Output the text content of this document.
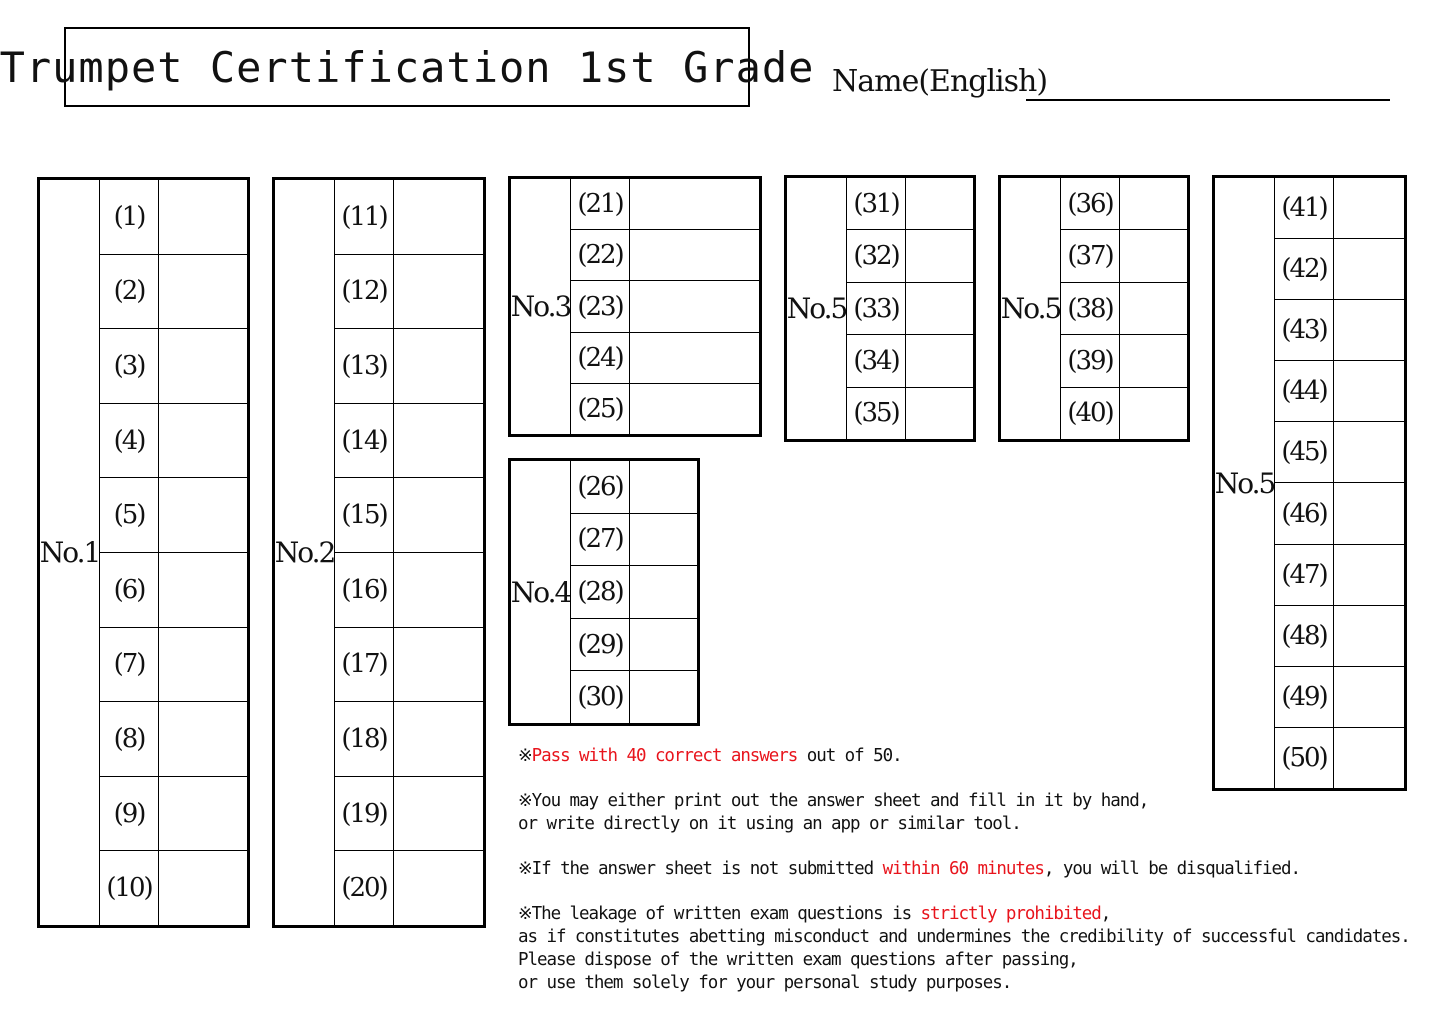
Trumpet Certification 1st Grade Name(English)
No.1
(1)
(2)
(3)
(4)
(5)
(6)
(7)
(8)
(9)
(10)
No.2
(11)
(12)
(13)
(14)
(15)
(16)
(17)
(18)
(19)
(20)
No.3
(21)
(22)
(23)
(24)
(25)
No.4
(26)
(27)
(28)
(29)
(30)
No.5
(31)
(32)
(33)
(34)
(35)
No.5
(36)
(37)
(38)
(39)
(40)
No.5
(41)
(42)
(43)
(44)
(45)
(46)
(47)
(48)
(49)
(50)
※Pass with 40 correct answers out of 50.
※You may either print out the answer sheet and fill in it by hand,
or write directly on it using an app or similar tool.
※If the answer sheet is not submitted within 60 minutes, you will be disqualified.
※The leakage of written exam questions is strictly prohibited,
as if constitutes abetting misconduct and undermines the credibility of successful candidates.
Please dispose of the written exam questions after passing,
or use them solely for your personal study purposes.
